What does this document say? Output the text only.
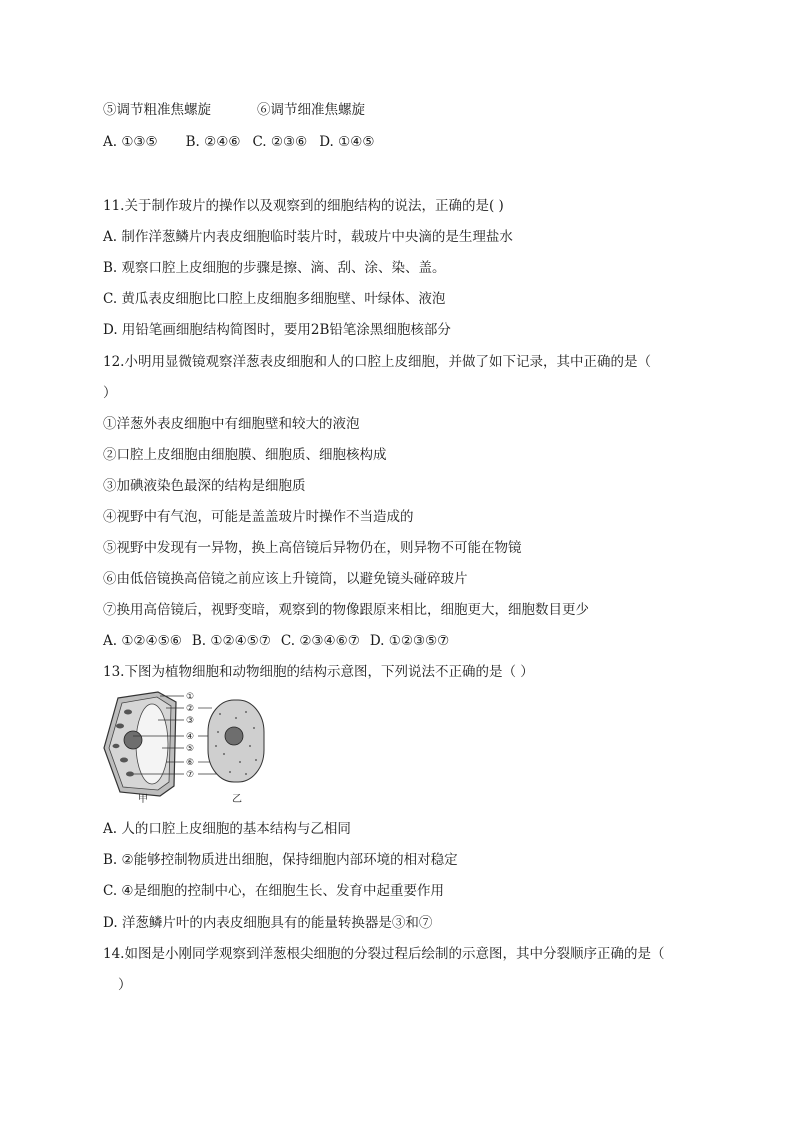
⑤调节粗准焦螺旋	⑥调节细准焦螺旋
A. ①③⑤ B. ②④⑥ C. ②③⑥ D. ①④⑤
11.关于制作玻片的操作以及观察到的细胞结构的说法，正确的是( )
A. 制作洋葱鳞片内表皮细胞临时装片时，载玻片中央滴的是生理盐水
B. 观察口腔上皮细胞的步骤是擦、滴、刮、涂、染、盖。
C. 黄瓜表皮细胞比口腔上皮细胞多细胞壁、叶绿体、液泡
D. 用铅笔画细胞结构简图时，要用2B铅笔涂黑细胞核部分
12.小明用显微镜观察洋葱表皮细胞和人的口腔上皮细胞，并做了如下记录，其中正确的是（
）
①洋葱外表皮细胞中有细胞壁和较大的液泡
②口腔上皮细胞由细胞膜、细胞质、细胞核构成
③加碘液染色最深的结构是细胞质
④视野中有气泡，可能是盖盖玻片时操作不当造成的
⑤视野中发现有一异物，换上高倍镜后异物仍在，则异物不可能在物镜
⑥由低倍镜换高倍镜之前应该上升镜筒，以避免镜头碰碎玻片
⑦换用高倍镜后，视野变暗，观察到的物像跟原来相比，细胞更大，细胞数目更少
A. ①②④⑤⑥ B. ①②④⑤⑦ C. ②③④⑥⑦ D. ①②③⑤⑦
13.下图为植物细胞和动物细胞的结构示意图，下列说法不正确的是（ ）
①
②
③
④
⑤
⑥
⑦
甲	乙
A. 人的口腔上皮细胞的基本结构与乙相同
B. ②能够控制物质进出细胞，保持细胞内部环境的相对稳定
C. ④是细胞的控制中心，在细胞生长、发育中起重要作用
D. 洋葱鳞片叶的内表皮细胞具有的能量转换器是③和⑦
14.如图是小刚同学观察到洋葱根尖细胞的分裂过程后绘制的示意图，其中分裂顺序正确的是（
）
